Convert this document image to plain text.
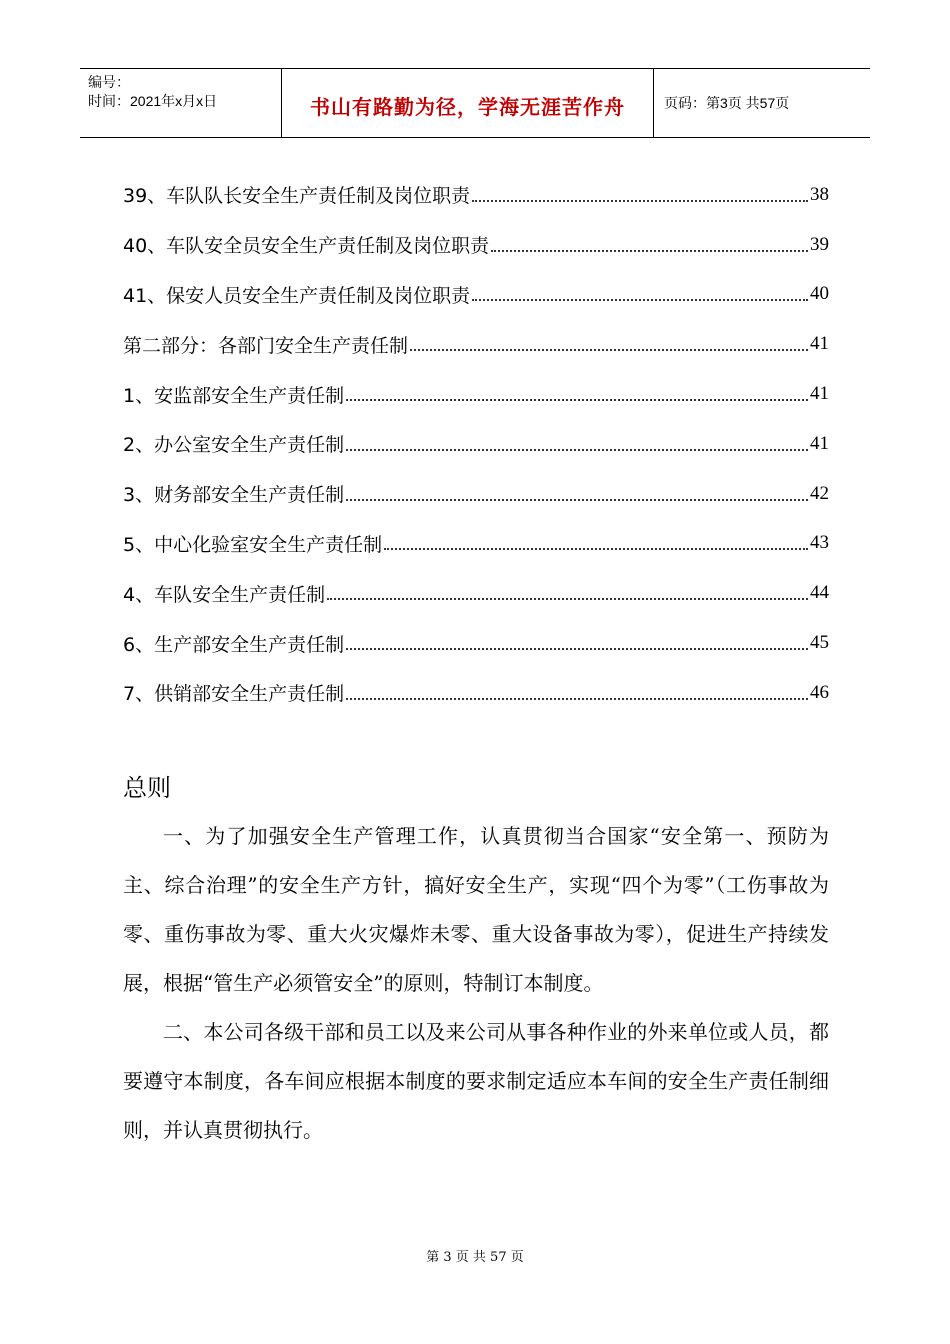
编号：
时间：2021年x月x日	书山有路勤为径，学海无涯苦作舟	页码：第3页 共57页
39、车队队长安全生产责任制及岗位职责	38
40、车队安全员安全生产责任制及岗位职责	39
41、保安人员安全生产责任制及岗位职责	40
第二部分：各部门安全生产责任制	41
1、安监部安全生产责任制	41
2、办公室安全生产责任制	41
3、财务部安全生产责任制	42
5、中心化验室安全生产责任制	43
4、车队安全生产责任制	44
6、生产部安全生产责任制	45
7、供销部安全生产责任制	46
总则

一、为了加强安全生产管理工作，认真贯彻当合国家“安全第一、预防为主、综合治理”的安全生产方针，搞好安全生产，实现“四个为零”（工伤事故为零、重伤事故为零、重大火灾爆炸未零、重大设备事故为零），促进生产持续发展，根据“管生产必须管安全”的原则，特制订本制度。

二、本公司各级干部和员工以及来公司从事各种作业的外来单位或人员，都要遵守本制度，各车间应根据本制度的要求制定适应本车间的安全生产责任制细则，并认真贯彻执行。

第 3 页 共 57 页
